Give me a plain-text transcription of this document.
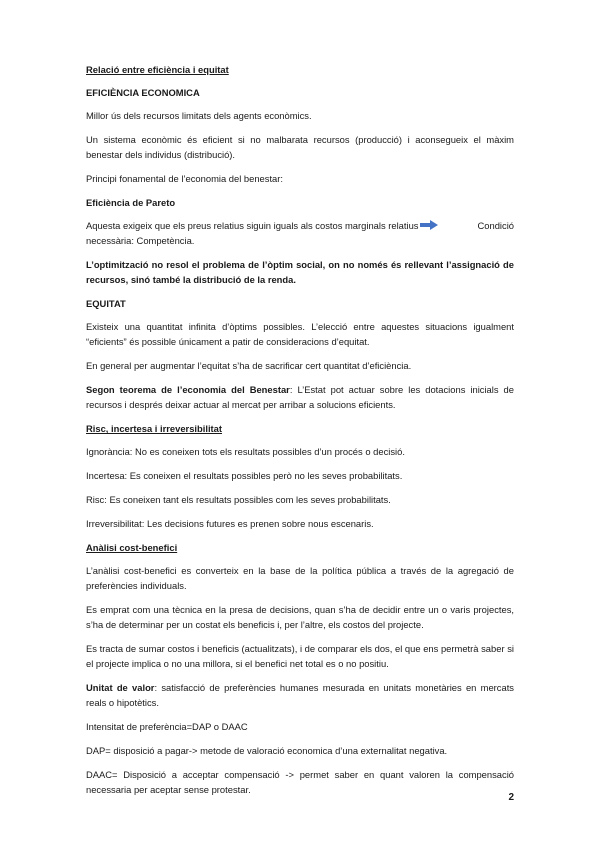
Relació entre eficiència i equitat

EFICIÈNCIA ECONOMICA

Millor ús dels recursos limitats dels agents econòmics.

Un sistema econòmic és eficient si no malbarata recursos (producció) i aconsegueix el màxim benestar dels individus (distribució).

Principi fonamental de l’economia del benestar:

Eficiència de Pareto

Aquesta exigeix que els preus relatius siguin iguals als costos marginals relatius	Condició

necessària: Competència.

L’optimització no resol el problema de l’òptim social, on no només és rellevant l’assignació de recursos, sinó també la distribució de la renda.

EQUITAT

Existeix una quantitat infinita d’òptims possibles. L’elecció entre aquestes situacions igualment “eficients” és possible únicament a patir de consideracions d’equitat.

En general per augmentar l’equitat s’ha de sacrificar cert quantitat d’eficiència.

Segon teorema de l’economia del Benestar: L’Estat pot actuar sobre les dotacions inicials de recursos i després deixar actuar al mercat per arribar a solucions eficients.

Risc, incertesa i irreversibilitat

Ignorància: No es coneixen tots els resultats possibles d’un procés o decisió.

Incertesa: Es coneixen el resultats possibles però no les seves probabilitats.

Risc: Es coneixen tant els resultats possibles com les seves probabilitats.

Irreversibilitat: Les decisions futures es prenen sobre nous escenaris.

Anàlisi cost-benefici

L’anàlisi cost-benefici es converteix en la base de la política pública a través de la agregació de preferències individuals.

Es emprat com una tècnica en la presa de decisions, quan s’ha de decidir entre un o varis projectes, s’ha de determinar per un costat els beneficis i, per l’altre, els costos del projecte.

Es tracta de sumar costos i beneficis (actualitzats), i de comparar els dos, el que ens permetrà saber si el projecte implica o no una millora, si el benefici net total es o no positiu.

Unitat de valor: satisfacció de preferències humanes mesurada en unitats monetàries en mercats reals o hipotètics.

Intensitat de preferència=DAP o DAAC

DAP= disposició a pagar-> metode de valoració economica d’una externalitat negativa.

DAAC= Disposició a acceptar compensació -> permet saber en quant valoren la compensació necessaria per aceptar sense protestar.

2
